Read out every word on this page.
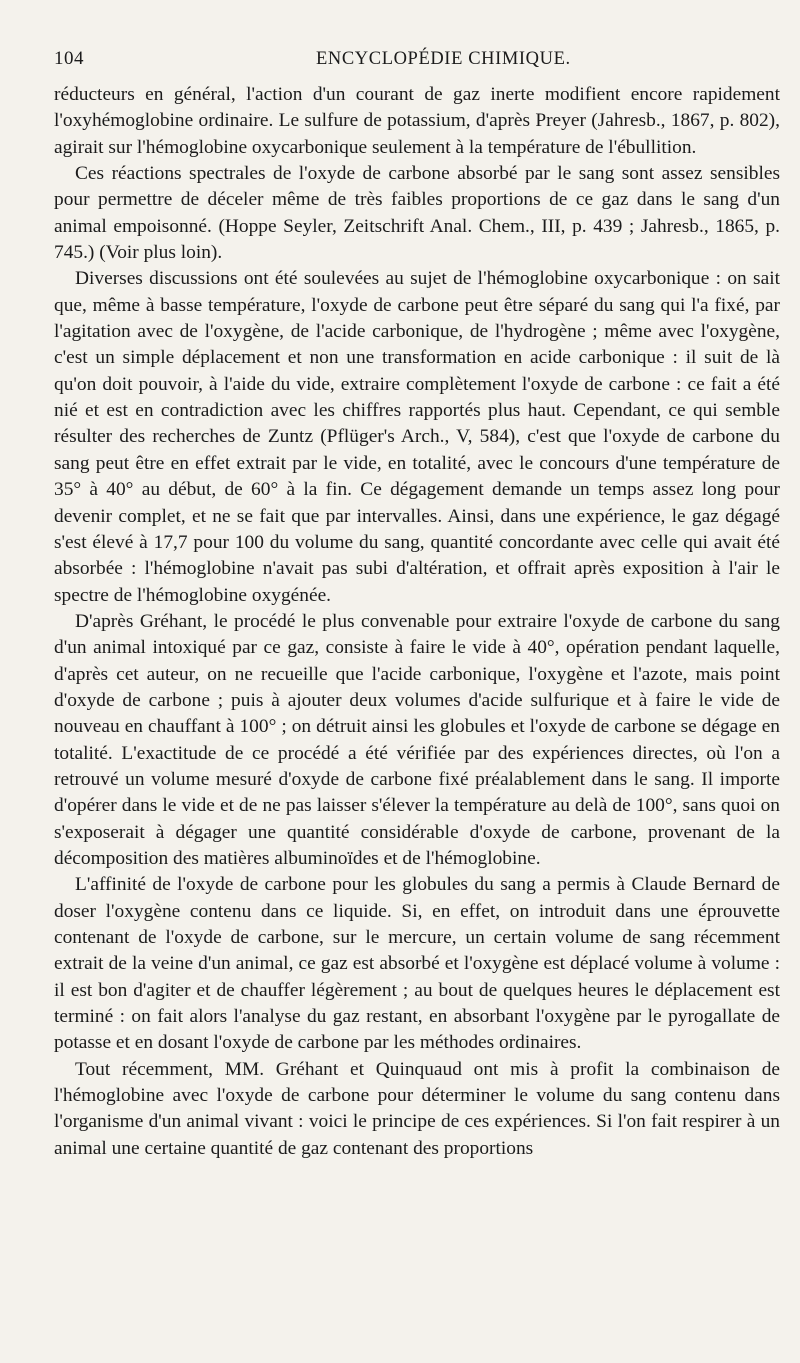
104	ENCYCLOPÉDIE CHIMIQUE.

réducteurs en général, l'action d'un courant de gaz inerte modifient encore rapidement l'oxyhémoglobine ordinaire. Le sulfure de potassium, d'après Preyer (Jahresb., 1867, p. 802), agirait sur l'hémoglobine oxycarbonique seulement à la température de l'ébullition.

Ces réactions spectrales de l'oxyde de carbone absorbé par le sang sont assez sensibles pour permettre de déceler même de très faibles proportions de ce gaz dans le sang d'un animal empoisonné. (Hoppe Seyler, Zeitschrift Anal. Chem., III, p. 439 ; Jahresb., 1865, p. 745.) (Voir plus loin).

Diverses discussions ont été soulevées au sujet de l'hémoglobine oxycarbonique : on sait que, même à basse température, l'oxyde de carbone peut être séparé du sang qui l'a fixé, par l'agitation avec de l'oxygène, de l'acide carbonique, de l'hydrogène ; même avec l'oxygène, c'est un simple déplacement et non une transformation en acide carbonique : il suit de là qu'on doit pouvoir, à l'aide du vide, extraire complètement l'oxyde de carbone : ce fait a été nié et est en contradiction avec les chiffres rapportés plus haut. Cependant, ce qui semble résulter des recherches de Zuntz (Pflüger's Arch., V, 584), c'est que l'oxyde de carbone du sang peut être en effet extrait par le vide, en totalité, avec le concours d'une température de 35° à 40° au début, de 60° à la fin. Ce dégagement demande un temps assez long pour devenir complet, et ne se fait que par intervalles. Ainsi, dans une expérience, le gaz dégagé s'est élevé à 17,7 pour 100 du volume du sang, quantité concordante avec celle qui avait été absorbée : l'hémoglobine n'avait pas subi d'altération, et offrait après exposition à l'air le spectre de l'hémoglobine oxygénée.

D'après Gréhant, le procédé le plus convenable pour extraire l'oxyde de carbone du sang d'un animal intoxiqué par ce gaz, consiste à faire le vide à 40°, opération pendant laquelle, d'après cet auteur, on ne recueille que l'acide carbonique, l'oxygène et l'azote, mais point d'oxyde de carbone ; puis à ajouter deux volumes d'acide sulfurique et à faire le vide de nouveau en chauffant à 100° ; on détruit ainsi les globules et l'oxyde de carbone se dégage en totalité. L'exactitude de ce procédé a été vérifiée par des expériences directes, où l'on a retrouvé un volume mesuré d'oxyde de carbone fixé préalablement dans le sang. Il importe d'opérer dans le vide et de ne pas laisser s'élever la température au delà de 100°, sans quoi on s'exposerait à dégager une quantité considérable d'oxyde de carbone, provenant de la décomposition des matières albuminoïdes et de l'hémoglobine.

L'affinité de l'oxyde de carbone pour les globules du sang a permis à Claude Bernard de doser l'oxygène contenu dans ce liquide. Si, en effet, on introduit dans une éprouvette contenant de l'oxyde de carbone, sur le mercure, un certain volume de sang récemment extrait de la veine d'un animal, ce gaz est absorbé et l'oxygène est déplacé volume à volume : il est bon d'agiter et de chauffer légèrement ; au bout de quelques heures le déplacement est terminé : on fait alors l'analyse du gaz restant, en absorbant l'oxygène par le pyrogallate de potasse et en dosant l'oxyde de carbone par les méthodes ordinaires.

Tout récemment, MM. Gréhant et Quinquaud ont mis à profit la combinaison de l'hémoglobine avec l'oxyde de carbone pour déterminer le volume du sang contenu dans l'organisme d'un animal vivant : voici le principe de ces expériences. Si l'on fait respirer à un animal une certaine quantité de gaz contenant des proportions
